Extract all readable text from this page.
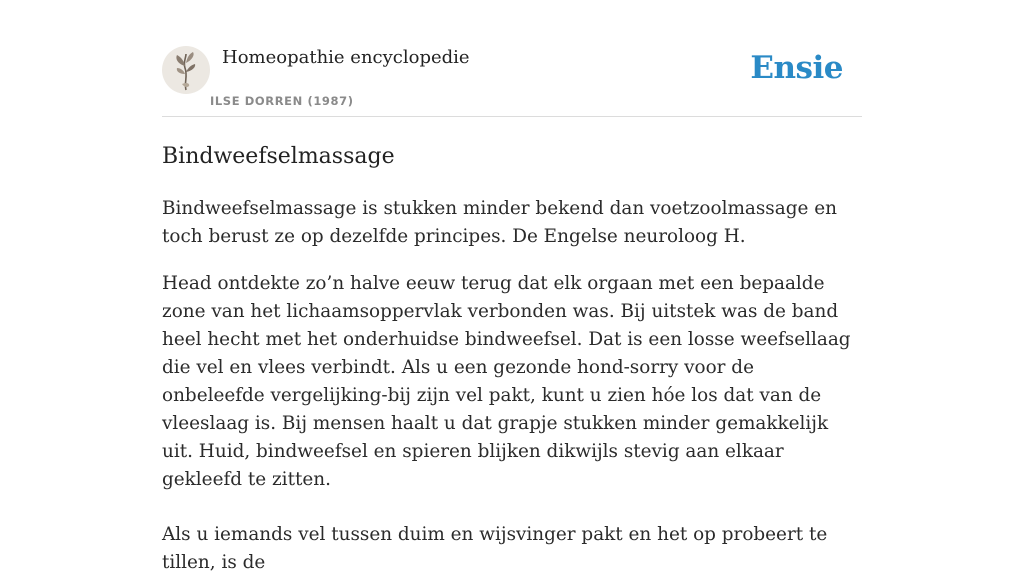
Homeopathie encyclopedie
ILSE DORREN (1987)
Ensie
Bindweefselmassage

Bindweefselmassage is stukken minder bekend dan voetzoolmassage en toch berust ze op dezelfde principes. De Engelse neuroloog H.

Head ontdekte zo’n halve eeuw terug dat elk orgaan met een bepaalde zone van het lichaamsoppervlak verbonden was. Bij uitstek was de band heel hecht met het onderhuidse bindweefsel. Dat is een losse weefsellaag die vel en vlees verbindt. Als u een gezonde hond-sorry voor de onbeleefde vergelijking-bij zijn vel pakt, kunt u zien hóe los dat van de vleeslaag is. Bij mensen haalt u dat grapje stukken minder gemakkelijk uit. Huid, bindweefsel en spieren blijken dikwijls stevig aan elkaar gekleefd te zitten.

Als u iemands vel tussen duim en wijsvinger pakt en het op probeert te tillen, is de
